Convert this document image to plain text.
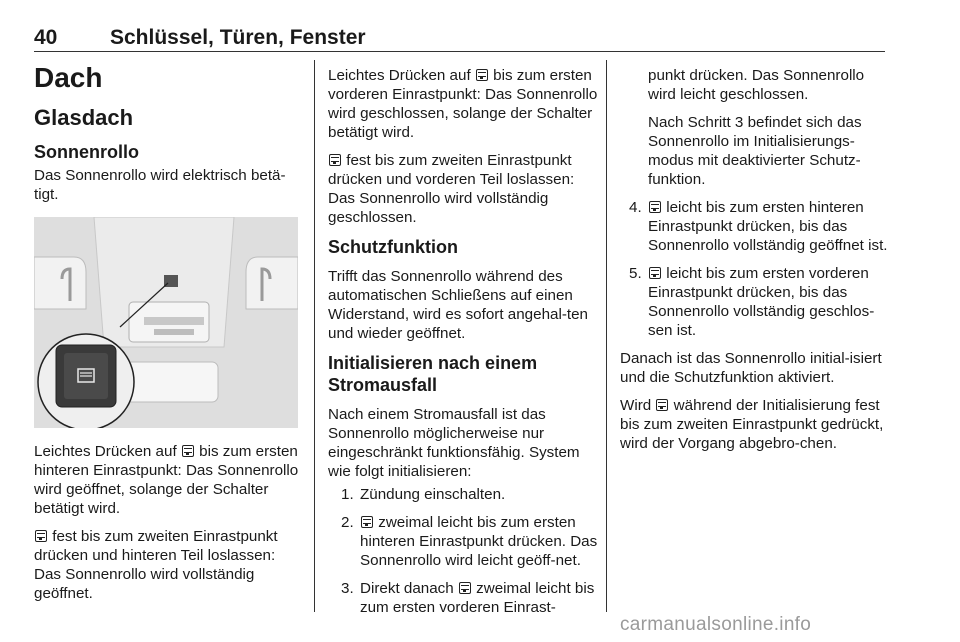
40	Schlüssel, Türen, Fenster
Dach
Glasdach
Sonnenrollo

Das Sonnenrollo wird elektrisch betä-tigt.

Leichtes Drücken auf  bis zum ersten hinteren Einrastpunkt: Das Sonnenrollo wird geöffnet, solange der Schalter betätigt wird.

fest bis zum zweiten Einrastpunkt drücken und hinteren Teil loslassen: Das Sonnenrollo wird vollständig geöffnet.

Leichtes Drücken auf  bis zum ersten vorderen Einrastpunkt: Das Sonnenrollo wird geschlossen, solange der Schalter betätigt wird.

fest bis zum zweiten Einrastpunkt drücken und vorderen Teil loslassen: Das Sonnenrollo wird vollständig geschlossen.

Schutzfunktion

Trifft das Sonnenrollo während des automatischen Schließens auf einen Widerstand, wird es sofort angehal-ten und wieder geöffnet.

Initialisieren nach einem Stromausfall

Nach einem Stromausfall ist das Sonnenrollo möglicherweise nur eingeschränkt funktionsfähig. System wie folgt initialisieren:

1. Zündung einschalten.
2. zweimal leicht bis zum ersten hinteren Einrastpunkt drücken. Das Sonnenrollo wird leicht geöff-net.
3. Direkt danach  zweimal leicht bis zum ersten vorderen Einrast-

punkt drücken. Das Sonnenrollo wird leicht geschlossen.

Nach Schritt 3 befindet sich das Sonnenrollo im Initialisierungs-modus mit deaktivierter Schutz-funktion.

4. leicht bis zum ersten hinteren Einrastpunkt drücken, bis das Sonnenrollo vollständig geöffnet ist.
5. leicht bis zum ersten vorderen Einrastpunkt drücken, bis das Sonnenrollo vollständig geschlos-sen ist.

Danach ist das Sonnenrollo initial-isiert und die Schutzfunktion aktiviert.

Wird  während der Initialisierung fest bis zum zweiten Einrastpunkt gedrückt, wird der Vorgang abgebro-chen.

carmanualsonline.info
